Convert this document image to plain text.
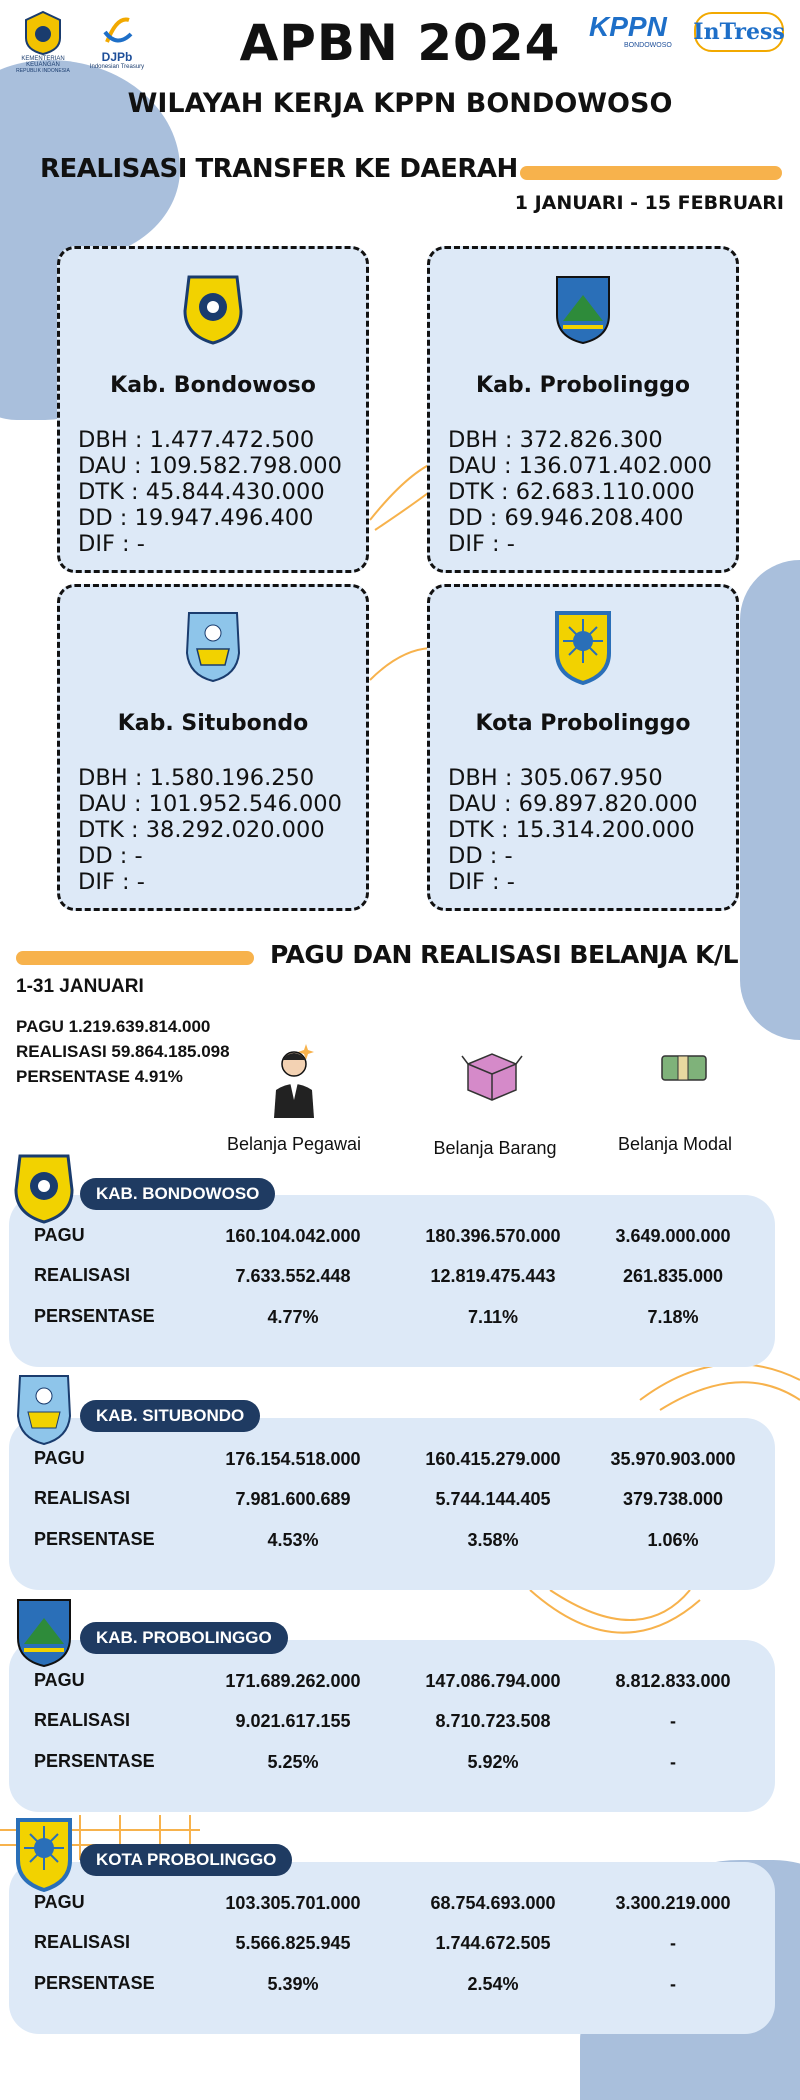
KEMENTERIAN KEUANGAN
REPUBLIK INDONESIA
DJPb
Indonesian Treasury
KPPN
BONDOWOSO
InTress
APBN 2024
WILAYAH KERJA KPPN BONDOWOSO
REALISASI TRANSFER KE DAERAH
1 JANUARI - 15 FEBRUARI
Kab. Bondowoso
DBH : 1.477.472.500
DAU : 109.582.798.000
DTK : 45.844.430.000
DD : 19.947.496.400
DIF : -
Kab. Probolinggo
DBH : 372.826.300
DAU : 136.071.402.000
DTK : 62.683.110.000
DD : 69.946.208.400
DIF : -
Kab. Situbondo
DBH : 1.580.196.250
DAU : 101.952.546.000
DTK : 38.292.020.000
DD : -
DIF : -
Kota Probolinggo
DBH : 305.067.950
DAU : 69.897.820.000
DTK : 15.314.200.000
DD : -
DIF : -
PAGU DAN REALISASI BELANJA K/L
1-31 JANUARI
PAGU 1.219.639.814.000
REALISASI 59.864.185.098
PERSENTASE 4.91%
Belanja Pegawai	Belanja Barang	Belanja Modal
KAB. BONDOWOSO
PAGU	160.104.042.000	180.396.570.000	3.649.000.000
REALISASI	7.633.552.448	12.819.475.443	261.835.000
PERSENTASE	4.77%	7.11%	7.18%
KAB. SITUBONDO
PAGU	176.154.518.000	160.415.279.000	35.970.903.000
REALISASI	7.981.600.689	5.744.144.405	379.738.000
PERSENTASE	4.53%	3.58%	1.06%
KAB. PROBOLINGGO
PAGU	171.689.262.000	147.086.794.000	8.812.833.000
REALISASI	9.021.617.155	8.710.723.508	-
PERSENTASE	5.25%	5.92%	-
KOTA PROBOLINGGO
PAGU	103.305.701.000	68.754.693.000	3.300.219.000
REALISASI	5.566.825.945	1.744.672.505	-
PERSENTASE	5.39%	2.54%	-
